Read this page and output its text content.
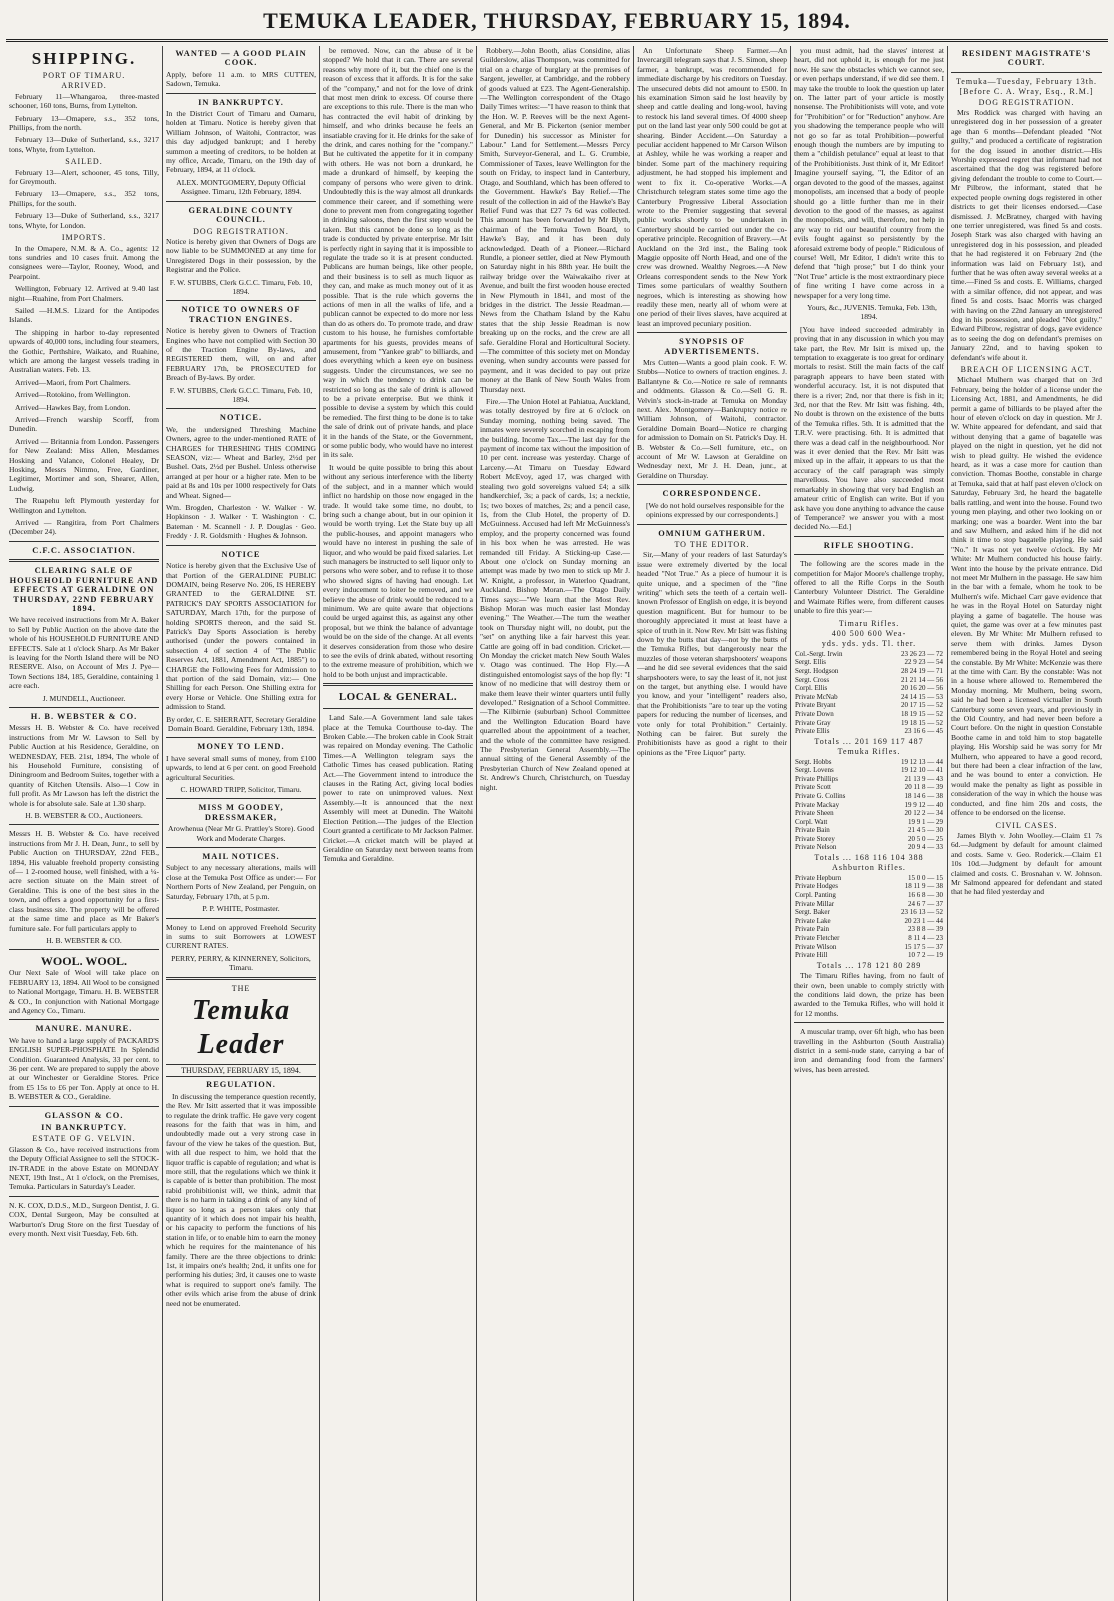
TEMUKA LEADER, THURSDAY, FEBRUARY 15, 1894.
SHIPPING.
PORT OF TIMARU.
ARRIVED.

February 11—Whangaroa, three-masted schooner, 160 tons, Burns, from Lyttelton.

February 13—Omapere, s.s., 352 tons, Phillips, from the north.

February 13—Duke of Sutherland, s.s., 3217 tons, Whyte, from Lyttelton.

SAILED.

February 13—Alert, schooner, 45 tons, Tilly, for Greymouth.

February 13—Omapere, s.s., 352 tons, Phillips, for the south.

February 13—Duke of Sutherland, s.s., 3217 tons, Whyte, for London.

IMPORTS.

In the Omapere, N.M. & A. Co., agents: 12 tons sundries and 10 cases fruit. Among the consignees were—Taylor, Rooney, Wood, and Pearpoint.

Wellington, February 12. Arrived at 9.40 last night—Ruahine, from Port Chalmers.

Sailed —H.M.S. Lizard for the Antipodes Islands.

The shipping in harbor to-day represented upwards of 40,000 tons, including four steamers, the Gothic, Perthshire, Waikato, and Ruahine, which are among the largest vessels trading in Australian waters. Feb. 13.

Arrived—Maori, from Port Chalmers.

Arrived—Rotokino, from Wellington.

Arrived—Hawkes Bay, from London.

Arrived—French warship Scorff, from Dunedin.

Arrived — Britannia from London. Passengers for New Zealand: Miss Allen, Mesdames Hosking and Valance, Colonel Healey, Dr Hosking, Messrs Nimmo, Free, Gardiner, Legitimer, Mortimer and son, Shearer, Allen, Ludwig.

The Ruapehu left Plymouth yesterday for Wellington and Lyttelton.

Arrived — Rangitira, from Port Chalmers (December 24).

C.F.C. ASSOCIATION.
CLEARING SALE OF HOUSEHOLD FURNITURE AND EFFECTS AT GERALDINE ON THURSDAY, 22ND FEBRUARY 1894.

We have received instructions from Mr A. Baker to Sell by Public Auction on the above date the whole of his HOUSEHOLD FURNITURE AND EFFECTS. Sale at 1 o'clock Sharp. As Mr Baker is leaving for the North Island there will be NO RESERVE. Also, on Account of Mrs J. Pye—Town Sections 184, 185, Geraldine, containing 1 acre each.

J. MUNDELL, Auctioneer.

H. B. WEBSTER & CO.

Messrs H. B. Webster & Co. have received instructions from Mr W. Lawson to Sell by Public Auction at his Residence, Geraldine, on WEDNESDAY, FEB. 21st, 1894, The whole of his Household Furniture, consisting of Diningroom and Bedroom Suites, together with a quantity of Kitchen Utensils. Also—1 Cow in full profit. As Mr Lawson has left the district the whole is for absolute sale. Sale at 1.30 sharp.

H. B. WEBSTER & CO., Auctioneers.

Messrs H. B. Webster & Co. have received instructions from Mr J. H. Dean, Junr., to sell by Public Auction on THURSDAY, 22nd FEB., 1894, His valuable freehold property consisting of— 1 2-roomed house, well finished, with a ¼-acre section situate on the Main street of Geraldine. This is one of the best sites in the town, and offers a good opportunity for a first-class business site. The property will be offered at the same time and place as Mr Baker's furniture sale. For full particulars apply to

H. B. WEBSTER & CO.

WOOL. WOOL.

Our Next Sale of Wool will take place on FEBRUARY 13, 1894. All Wool to be consigned to National Mortgage, Timaru. H. B. WEBSTER & CO., In conjunction with National Mortgage and Agency Co., Timaru.

MANURE. MANURE.

We have to hand a large supply of PACKARD'S ENGLISH SUPER-PHOSPHATE In Splendid Condition. Guaranteed Analysis, 33 per cent. to 36 per cent. We are prepared to supply the above at our Winchester or Geraldine Stores. Price from £5 15s to £6 per Ton. Apply at once to H. B. WEBSTER & CO., Geraldine.

GLASSON & CO.
IN BANKRUPTCY.
ESTATE OF G. VELVIN.

Glasson & Co., have received instructions from the Deputy Official Assignee to sell the STOCK-IN-TRADE in the above Estate on MONDAY NEXT, 19th Inst., At 1 o'clock, on the Premises, Temuka. Particulars in Saturday's Leader.

N. K. COX, D.D.S., M.D., Surgeon Dentist, J. G. COX, Dental Surgeon, May be consulted at Warburton's Drug Store on the first Tuesday of every month. Next visit Tuesday, Feb. 6th.

WANTED — A GOOD PLAIN COOK.

Apply, before 11 a.m. to MRS CUTTEN, Sadown, Temuka.

IN BANKRUPTCY.

In the District Court of Timaru and Oamaru, holden at Timaru. Notice is hereby given that William Johnson, of Waitohi, Contractor, was this day adjudged bankrupt; and I hereby summon a meeting of creditors, to be holden at my office, Arcade, Timaru, on the 19th day of February, 1894, at 11 o'clock.

ALEX. MONTGOMERY, Deputy Official Assignee. Timaru, 12th February, 1894.

GERALDINE COUNTY COUNCIL.
DOG REGISTRATION.

Notice is hereby given that Owners of Dogs are now liable to be SUMMONED at any time for Unregistered Dogs in their possession, by the Registrar and the Police.

F. W. STUBBS, Clerk G.C.C. Timaru, Feb. 10, 1894.

NOTICE TO OWNERS OF TRACTION ENGINES.

Notice is hereby given to Owners of Traction Engines who have not complied with Section 30 of the Traction Engine By-laws, and REGISTERED them, will, on and after FEBRUARY 17th, be PROSECUTED for Breach of By-laws. By order.

F. W. STUBBS, Clerk G.C.C. Timaru, Feb. 10, 1894.

NOTICE.

We, the undersigned Threshing Machine Owners, agree to the under-mentioned RATE of CHARGES for THRESHING THIS COMING SEASON, viz:— Wheat and Barley, 2½d per Bushel. Oats, 2½d per Bushel. Unless otherwise arranged at per hour or a higher rate. Men to be paid at 8s and 10s per 1000 respectively for Oats and Wheat. Signed—

Wm. Brogden, Charleston · W. Walker · W. Hopkinson · J. Walker · T. Washington · C. Bateman · M. Scannell · J. P. Douglas · Geo. Freddy · J. R. Goldsmith · Hughes & Johnson.

NOTICE

Notice is hereby given that the Exclusive Use of that Portion of the GERALDINE PUBLIC DOMAIN, being Reserve No. 206, IS HEREBY GRANTED to the GERALDINE ST. PATRICK'S DAY SPORTS ASSOCIATION for SATURDAY, March 17th, for the purpose of holding SPORTS thereon, and the said St. Patrick's Day Sports Association is hereby authorised (under the powers contained in subsection 4 of section 4 of "The Public Reserves Act, 1881, Amendment Act, 1885") to CHARGE the Following Fees for Admission to that portion of the said Domain, viz:— One Shilling for each Person. One Shilling extra for every Horse or Vehicle. One Shilling extra for admission to Stand.

By order, C. E. SHERRATT, Secretary Geraldine Domain Board. Geraldine, February 13th, 1894.

MONEY TO LEND.

I have several small sums of money, from £100 upwards, to lend at 6 per cent. on good Freehold agricultural Securities.

C. HOWARD TRIPP, Solicitor, Timaru.

MISS M GOODEY, DRESSMAKER,

Arowhenua (Near Mr G. Prattley's Store). Good Work and Moderate Charges.

MAIL NOTICES.

Subject to any necessary alterations, mails will close at the Temuka Post Office as under:— For Northern Ports of New Zealand, per Penguin, on Saturday, February 17th, at 5 p.m.

P. P. WHITE, Postmaster.

Money to Lend on approved Freehold Security in sums to suit Borrowers at LOWEST CURRENT RATES.

PERRY, PERRY, & KINNERNEY, Solicitors, Timaru.

THE
Temuka Leader
THURSDAY, FEBRUARY 15, 1894.
REGULATION.

In discussing the temperance question recently, the Rev. Mr Isitt asserted that it was impossible to regulate the drink traffic. He gave very cogent reasons for the faith that was in him, and undoubtedly made out a very strong case in favour of the view he takes of the question. But, with all due respect to him, we hold that the liquor traffic is capable of regulation; and what is more still, that the regulations which we think it is capable of is better than prohibition. The most rabid prohibitionist will, we think, admit that there is no harm in taking a drink of any kind of liquor so long as a person takes only that quantity of it which does not impair his health, or his capacity to perform the functions of his station in life, or to enable him to earn the money which he requires for the maintenance of his family. There are the three objections to drink: 1st, it impairs one's health; 2nd, it unfits one for performing his duties; 3rd, it causes one to waste what is required to support one's family. The other evils which arise from the abuse of drink need not be enumerated.

be removed. Now, can the abuse of it be stopped? We hold that it can. There are several reasons why more of it, but the chief one is the reason of excess that it affords. It is for the sake of the "company," and not for the love of drink that most men drink to excess. Of course there are exceptions to this rule. There is the man who has contracted the evil habit of drinking by himself, and who drinks because he feels an insatiable craving for it. He drinks for the sake of the drink, and cares nothing for the "company." But he cultivated the appetite for it in company with others. He was not born a drunkard, he made a drunkard of himself, by keeping the company of persons who were given to drink. Undoubtedly this is the way almost all drunkards commence their career, and if something were done to prevent men from congregating together in drinking saloons, then the first step would be taken. But this cannot be done so long as the trade is conducted by private enterprise. Mr Isitt is perfectly right in saying that it is impossible to regulate the trade so it is at present conducted. Publicans are human beings, like other people, and their business is to sell as much liquor as they can, and make as much money out of it as possible. That is the rule which governs the actions of men in all the walks of life, and a publican cannot be expected to do more nor less than do as others do. To promote trade, and draw custom to his house, he furnishes comfortable apartments for his guests, provides means of amusement, from "Yankee grab" to billiards, and does everything which a keen eye on business suggests. Under the circumstances, we see no way in which the tendency to drink can be restricted so long as the sale of drink is allowed to be a private enterprise. But we think it possible to devise a system by which this could be remedied. The first thing to be done is to take the sale of drink out of private hands, and place it in the hands of the State, or the Government, or some public body, who would have no interest in its sale.

It would be quite possible to bring this about without any serious interference with the liberty of the subject, and in a manner which would inflict no hardship on those now engaged in the trade. It would take some time, no doubt, to bring such a change about, but in our opinion it would be worth trying. Let the State buy up all the public-houses, and appoint managers who would have no interest in pushing the sale of liquor, and who would be paid fixed salaries. Let such managers be instructed to sell liquor only to persons who were sober, and to refuse it to those who showed signs of having had enough. Let every inducement to loiter be removed, and we believe the abuse of drink would be reduced to a minimum. We are quite aware that objections could be urged against this, as against any other proposal, but we think the balance of advantage would be on the side of the change. At all events it deserves consideration from those who desire to see the evils of drink abated, without resorting to the extreme measure of prohibition, which we hold to be both unjust and impracticable.

LOCAL & GENERAL.

Land Sale.—A Government land sale takes place at the Temuka Courthouse to-day. The Broken Cable.—The broken cable in Cook Strait was repaired on Monday evening. The Catholic Times.—A Wellington telegram says the Catholic Times has ceased publication. Rating Act.—The Government intend to introduce the clauses in the Rating Act, giving local bodies power to rate on unimproved values. Next Assembly.—It is announced that the next Assembly will meet at Dunedin. The Waitohi Election Petition.—The judges of the Election Court granted a certificate to Mr Jackson Palmer. Cricket.—A cricket match will be played at Geraldine on Saturday next between teams from Temuka and Geraldine.

Robbery.—John Booth, alias Considine, alias Guilderslow, alias Thompson, was committed for trial on a charge of burglary at the premises of Sargent, jeweller, at Cambridge, and the robbery of goods valued at £23. The Agent-Generalship.—The Wellington correspondent of the Otago Daily Times writes:—"I have reason to think that the Hon. W. P. Reeves will be the next Agent-General, and Mr B. Pickerton (senior member for Dunedin) his successor as Minister for Labour." Land for Settlement.—Messrs Percy Smith, Surveyor-General, and L. G. Crumbie, Commissioner of Taxes, leave Wellington for the south on Friday, to inspect land in Canterbury, Otago, and Southland, which has been offered to the Government. Hawke's Bay Relief.—The result of the collection in aid of the Hawke's Bay Relief Fund was that £27 7s 6d was collected. This amount has been forwarded by Mr Blyth, chairman of the Temuka Town Board, to Hawke's Bay, and it has been duly acknowledged. Death of a Pioneer.—Richard Rundle, a pioneer settler, died at New Plymouth on Saturday night in his 88th year. He built the railway bridge over the Waiwakaiho river at Avenue, and built the first wooden house erected in New Plymouth in 1841, and most of the bridges in the district. The Jessie Readman.—News from the Chatham Island by the Kahu states that the ship Jessie Readman is now breaking up on the rocks, and the crew are all safe. Geraldine Floral and Horticultural Society.—The committee of this society met on Monday evening, when sundry accounts were passed for payment, and it was decided to pay out prize money at the Bank of New South Wales from Thursday next.

Fire.—The Union Hotel at Pahiatua, Auckland, was totally destroyed by fire at 6 o'clock on Sunday morning, nothing being saved. The inmates were severely scorched in escaping from the building. Income Tax.—The last day for the payment of income tax without the imposition of 10 per cent. increase was yesterday. Charge of Larceny.—At Timaru on Tuesday Edward Robert McEvoy, aged 17, was charged with stealing two gold sovereigns valued £4; a silk handkerchief, 3s; a pack of cards, 1s; a necktie, 1s; two boxes of matches, 2s; and a pencil case, 1s, from the Club Hotel, the property of D. McGuinness. Accused had left Mr McGuinness's employ, and the property concerned was found in his box when he was arrested. He was remanded till Friday. A Sticking-up Case.—About one o'clock on Sunday morning an attempt was made by two men to stick up Mr J. W. Knight, a professor, in Waterloo Quadrant, Auckland. Bishop Moran.—The Otago Daily Times says:—"We learn that the Most Rev. Bishop Moran was much easier last Monday evening." The Weather.—The turn the weather took on Thursday night will, no doubt, put the "set" on anything like a fair harvest this year. Cattle are going off in bad condition. Cricket.—On Monday the cricket match New South Wales v. Otago was continued. The Hop Fly.—A distinguished entomologist says of the hop fly: "I know of no medicine that will destroy them or make them leave their winter quarters until fully developed." Resignation of a School Committee.—The Kilbirnie (suburban) School Committee and the Wellington Education Board have quarrelled about the appointment of a teacher, and the whole of the committee have resigned. The Presbyterian General Assembly.—The annual sitting of the General Assembly of the Presbyterian Church of New Zealand opened at St. Andrew's Church, Christchurch, on Tuesday night.

An Unfortunate Sheep Farmer.—An Invercargill telegram says that J. S. Simon, sheep farmer, a bankrupt, was recommended for immediate discharge by his creditors on Tuesday. The unsecured debts did not amount to £500. In his examination Simon said he lost heavily by sheep and cattle dealing and long-wool, having to restock his land several times. Of 4000 sheep put on the land last year only 500 could be got at shearing. Binder Accident.—On Saturday a peculiar accident happened to Mr Carson Wilson at Ashley, while he was working a reaper and binder. Some part of the machinery requiring adjustment, he had stopped his implement and went to fix it. Co-operative Works.—A Christchurch telegram states some time ago the Canterbury Progressive Liberal Association wrote to the Premier suggesting that several public works shortly to be undertaken in Canterbury should be carried out under the co-operative principle. Recognition of Bravery.—At Auckland on the 3rd inst., the Baling took Maggie opposite off North Head, and one of the crew was drowned. Wealthy Negroes.—A New Orleans correspondent sends to the New York Times some particulars of wealthy Southern negroes, which is interesting as showing how readily these men, nearly all of whom were at one period of their lives slaves, have acquired at least an improved pecuniary position.

SYNOPSIS OF ADVERTISEMENTS.

Mrs Cutten—Wants a good plain cook. F. W. Stubbs—Notice to owners of traction engines. J. Ballantyne & Co.—Notice re sale of remnants and oddments. Glasson & Co.—Sell G. R. Velvin's stock-in-trade at Temuka on Monday next. Alex. Montgomery—Bankruptcy notice re William Johnson, of Waitohi, contractor. Geraldine Domain Board—Notice re charging for admission to Domain on St. Patrick's Day. H. B. Webster & Co.—Sell furniture, etc., on account of Mr W. Lawson at Geraldine on Wednesday next, Mr J. H. Dean, junr., at Geraldine on Thursday.

CORRESPONDENCE.

[We do not hold ourselves responsible for the opinions expressed by our correspondents.]

OMNIUM GATHERUM.
TO THE EDITOR.

Sir,—Many of your readers of last Saturday's issue were extremely diverted by the local headed "Not True." As a piece of humour it is quite unique, and a specimen of the "fine writing" which sets the teeth of a certain well-known Professor of English on edge, it is beyond question magnificent. But for humour to be thoroughly appreciated it must at least have a spice of truth in it. Now Rev. Mr Isitt was fishing down by the butts that day—not by the butts of the Temuka Rifles, but dangerously near the muzzles of those veteran sharpshooters' weapons—and he did see several evidences that the said sharpshooters were, to say the least of it, not just on the target, but anything else. I would have you know, and your "intelligent" readers also, that the Prohibitionists "are to tear up the voting papers for reducing the number of licenses, and vote only for total Prohibition." Certainly. Nothing can be fairer. But surely the Prohibitionists have as good a right to their opinions as the "Free Liquor" party.

you must admit, had the slaves' interest at heart, did not uphold it, is enough for me just now. He saw the obstacles which we cannot see, or even perhaps understand, if we did see them. I may take the trouble to look the question up later on. The latter part of your article is mostly nonsense. The Prohibitionists will vote, and vote for "Prohibition" or for "Reduction" anyhow. Are you shadowing the temperance people who will not go so far as total Prohibition—powerful enough though the numbers are by imputing to them a "childish petulance" equal at least to that of the Prohibitionists. Just think of it, Mr Editor! Imagine yourself saying, "I, the Editor of an organ devoted to the good of the masses, against monopolists, am incensed that a body of people should go a little further than me in their devotion to the good of the masses, as against the monopolists, and will, therefore, not help in any way to rid our beautiful country from the evils fought against so persistently by the aforesaid extreme body of people." Ridiculous of course! Well, Mr Editor, I didn't write this to defend that "high prose;" but I do think your "Not True" article is the most extraordinary piece of fine writing I have come across in a newspaper for a very long time.

Yours, &c., JUVENIS. Temuka, Feb. 13th, 1894.

[You have indeed succeeded admirably in proving that in any discussion in which you may take part, the Rev. Mr Isitt is mixed up, the temptation to exaggerate is too great for ordinary mortals to resist. Still the main facts of the calf paragraph appears to have been stated with wonderful accuracy. 1st, it is not disputed that there is a river; 2nd, nor that there is fish in it; 3rd, nor that the Rev. Mr Isitt was fishing. 4th, No doubt is thrown on the existence of the butts of the Temuka rifles. 5th. It is admitted that the T.R.V. were practising. 6th. It is admitted that there was a dead calf in the neighbourhood. Nor was it ever denied that the Rev. Mr Isitt was mixed up in the affair, it appears to us that the accuracy of the calf paragraph was simply marvellous. You have also succeeded most remarkably in showing that very bad English an amateur critic of English can write. But if you ask have you done anything to advance the cause of Temperance? we answer you with a most decided No.—Ed.]

RIFLE SHOOTING.

The following are the scores made in the competition for Major Moore's challenge trophy, offered to all the Rifle Corps in the South Canterbury Volunteer District. The Geraldine and Waimate Rifles were, from different causes unable to fire this year:—

Timaru Rifles.
400 500 600 Wea-
yds. yds. yds. Tl. ther.
Col.-Sergt. Irwin	23 26 23 — 72
Sergt. Ellis	22 9 23 — 54
Sergt. Hodgson	28 24 19 — 71
Sergt. Cross	21 21 14 — 56
Corpl. Ellis	20 16 20 — 56
Private McNab	24 14 15 — 53
Private Bryant	20 17 15 — 52
Private Down	18 19 15 — 52
Private Gray	19 18 15 — 52
Private Ellis	23 16 6 — 45
Totals ... 201 169 117 487
Temuka Rifles.
Sergt. Hobbs	19 12 13 — 44
Sergt. Lovens	19 12 10 — 41
Private Phillips	21 13 9 — 43
Private Scott	20 11 8 — 39
Private G. Collins	18 14 6 — 38
Private Mackay	19 9 12 — 40
Private Sheen	20 12 2 — 34
Corpl. Watt	19 9 1 — 29
Private Bain	21 4 5 — 30
Private Storey	20 5 0 — 25
Private Nelson	20 9 4 — 33
Totals ... 168 116 104 388
Ashburton Rifles.
Private Hepburn	15 0 0 — 15
Private Hodges	18 11 9 — 38
Corpl. Panting	16 6 8 — 30
Private Millar	24 6 7 — 37
Sergt. Baker	23 16 13 — 52
Private Lake	20 23 1 — 44
Private Pain	23 8 8 — 39
Private Fletcher	8 11 4 — 23
Private Wilson	15 17 5 — 37
Private Hill	10 7 2 — 19
Totals ... 178 121 80 289

The Timaru Rifles having, from no fault of their own, been unable to comply strictly with the conditions laid down, the prize has been awarded to the Temuka Rifles, who will hold it for 12 months.

A muscular tramp, over 6ft high, who has been travelling in the Ashburton (South Australia) district in a semi-nude state, carrying a bar of iron and demanding food from the farmers' wives, has been arrested.

RESIDENT MAGISTRATE'S COURT.
Temuka—Tuesday, February 13th.
[Before C. A. Wray, Esq., R.M.]
DOG REGISTRATION.

Mrs Roddick was charged with having an unregistered dog in her possession of a greater age than 6 months—Defendant pleaded "Not guilty," and produced a certificate of registration for the dog issued in another district.—His Worship expressed regret that informant had not ascertained that the dog was registered before giving defendant the trouble to come to Court.—Mr Pilbrow, the informant, stated that he expected people owning dogs registered in other districts to get their licenses endorsed.—Case dismissed. J. McBratney, charged with having one terrier unregistered, was fined 5s and costs. Joseph Stark was also charged with having an unregistered dog in his possession, and pleaded that he had registered it on February 2nd (the information was laid on February 1st), and further that he was often away several weeks at a time.—Fined 5s and costs. E. Williams, charged with a similar offence, did not appear, and was fined 5s and costs. Isaac Morris was charged with having on the 22nd January an unregistered dog in his possession, and pleaded "Not guilty." Edward Pilbrow, registrar of dogs, gave evidence as to seeing the dog on defendant's premises on January 22nd, and to having spoken to defendant's wife about it.

BREACH OF LICENSING ACT.

Michael Mulhern was charged that on 3rd February, being the holder of a license under the Licensing Act, 1881, and Amendments, he did permit a game of billiards to be played after the hour of eleven o'clock on day in question. Mr J. W. White appeared for defendant, and said that without denying that a game of bagatelle was played on the night in question, yet he did not wish to plead guilty. He wished the evidence heard, as it was a case more for caution than conviction. Thomas Boothe, constable in charge at Temuka, said that at half past eleven o'clock on Saturday, February 3rd, he heard the bagatelle balls rattling, and went into the house. Found two young men playing, and other two looking on or marking; one was a boarder. Went into the bar and saw Mulhern, and asked him if he did not think it time to stop bagatelle playing. He said "No." It was not yet twelve o'clock. By Mr White: Mr Mulhern conducted his house fairly. Went into the house by the private entrance. Did not meet Mr Mulhern in the passage. He saw him in the bar with a female, whom he took to be Mulhern's wife. Michael Carr gave evidence that he was in the Royal Hotel on Saturday night playing a game of bagatelle. The house was quiet, the game was over at a few minutes past eleven. By Mr White: Mr Mulhern refused to serve them with drinks. James Dyson remembered being in the Royal Hotel and seeing the constable. By Mr White: McKenzie was there at the time with Carr. By the constable: Was not in a house where allowed to. Remembered the Monday morning. Mr Mulhern, being sworn, said he had been a licensed victualler in South Canterbury some seven years, and previously in the Old Country, and had never been before a Court before. On the night in question Constable Boothe came in and told him to stop bagatelle playing. His Worship said he was sorry for Mr Mulhern, who appeared to have a good record, but there had been a clear infraction of the law, and he was bound to enter a conviction. He would make the penalty as light as possible in consideration of the way in which the house was conducted, and fine him 20s and costs, the offence to be endorsed on the license.

CIVIL CASES.

James Blyth v. John Woolley.—Claim £1 7s 6d.—Judgment by default for amount claimed and costs. Same v. Geo. Roderick.—Claim £1 10s 10d.—Judgment by default for amount claimed and costs. C. Brosnahan v. W. Johnson. Mr Salmond appeared for defendant and stated that he had filed yesterday and
